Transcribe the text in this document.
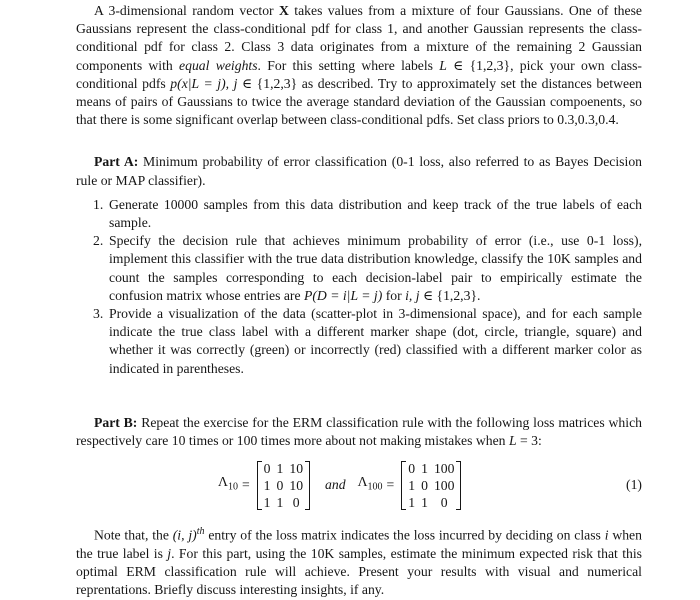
A 3-dimensional random vector X takes values from a mixture of four Gaussians. One of these Gaussians represent the class-conditional pdf for class 1, and another Gaussian represents the class-conditional pdf for class 2. Class 3 data originates from a mixture of the remaining 2 Gaussian components with equal weights. For this setting where labels L ∈ {1,2,3}, pick your own class-conditional pdfs p(x|L = j), j ∈ {1,2,3} as described. Try to approximately set the distances between means of pairs of Gaussians to twice the average standard deviation of the Gaussian compoenents, so that there is some significant overlap between class-conditional pdfs. Set class priors to 0.3,0.3,0.4.

Part A: Minimum probability of error classification (0-1 loss, also referred to as Bayes Decision rule or MAP classifier).

1. Generate 10000 samples from this data distribution and keep track of the true labels of each sample.
2. Specify the decision rule that achieves minimum probability of error (i.e., use 0-1 loss), implement this classifier with the true data distribution knowledge, classify the 10K samples and count the samples corresponding to each decision-label pair to empirically estimate the confusion matrix whose entries are P(D = i|L = j) for i, j ∈ {1,2,3}.
3. Provide a visualization of the data (scatter-plot in 3-dimensional space), and for each sample indicate the true class label with a different marker shape (dot, circle, triangle, square) and whether it was correctly (green) or incorrectly (red) classified with a different marker color as indicated in parentheses.

Part B: Repeat the exercise for the ERM classification rule with the following loss matrices which respectively care 10 times or 100 times more about not making mistakes when L = 3:

$\Lambda_{10}$ =
0	1	10
1	0	10
1	1	0
and $\Lambda_{100}$ =
0	1	100
1	0	100
1	1	0
(1)

Note that, the (i, j)$^{th}$ entry of the loss matrix indicates the loss incurred by deciding on class i when the true label is j. For this part, using the 10K samples, estimate the minimum expected risk that this optimal ERM classification rule will achieve. Present your results with visual and numerical reprentations. Briefly discuss interesting insights, if any.
